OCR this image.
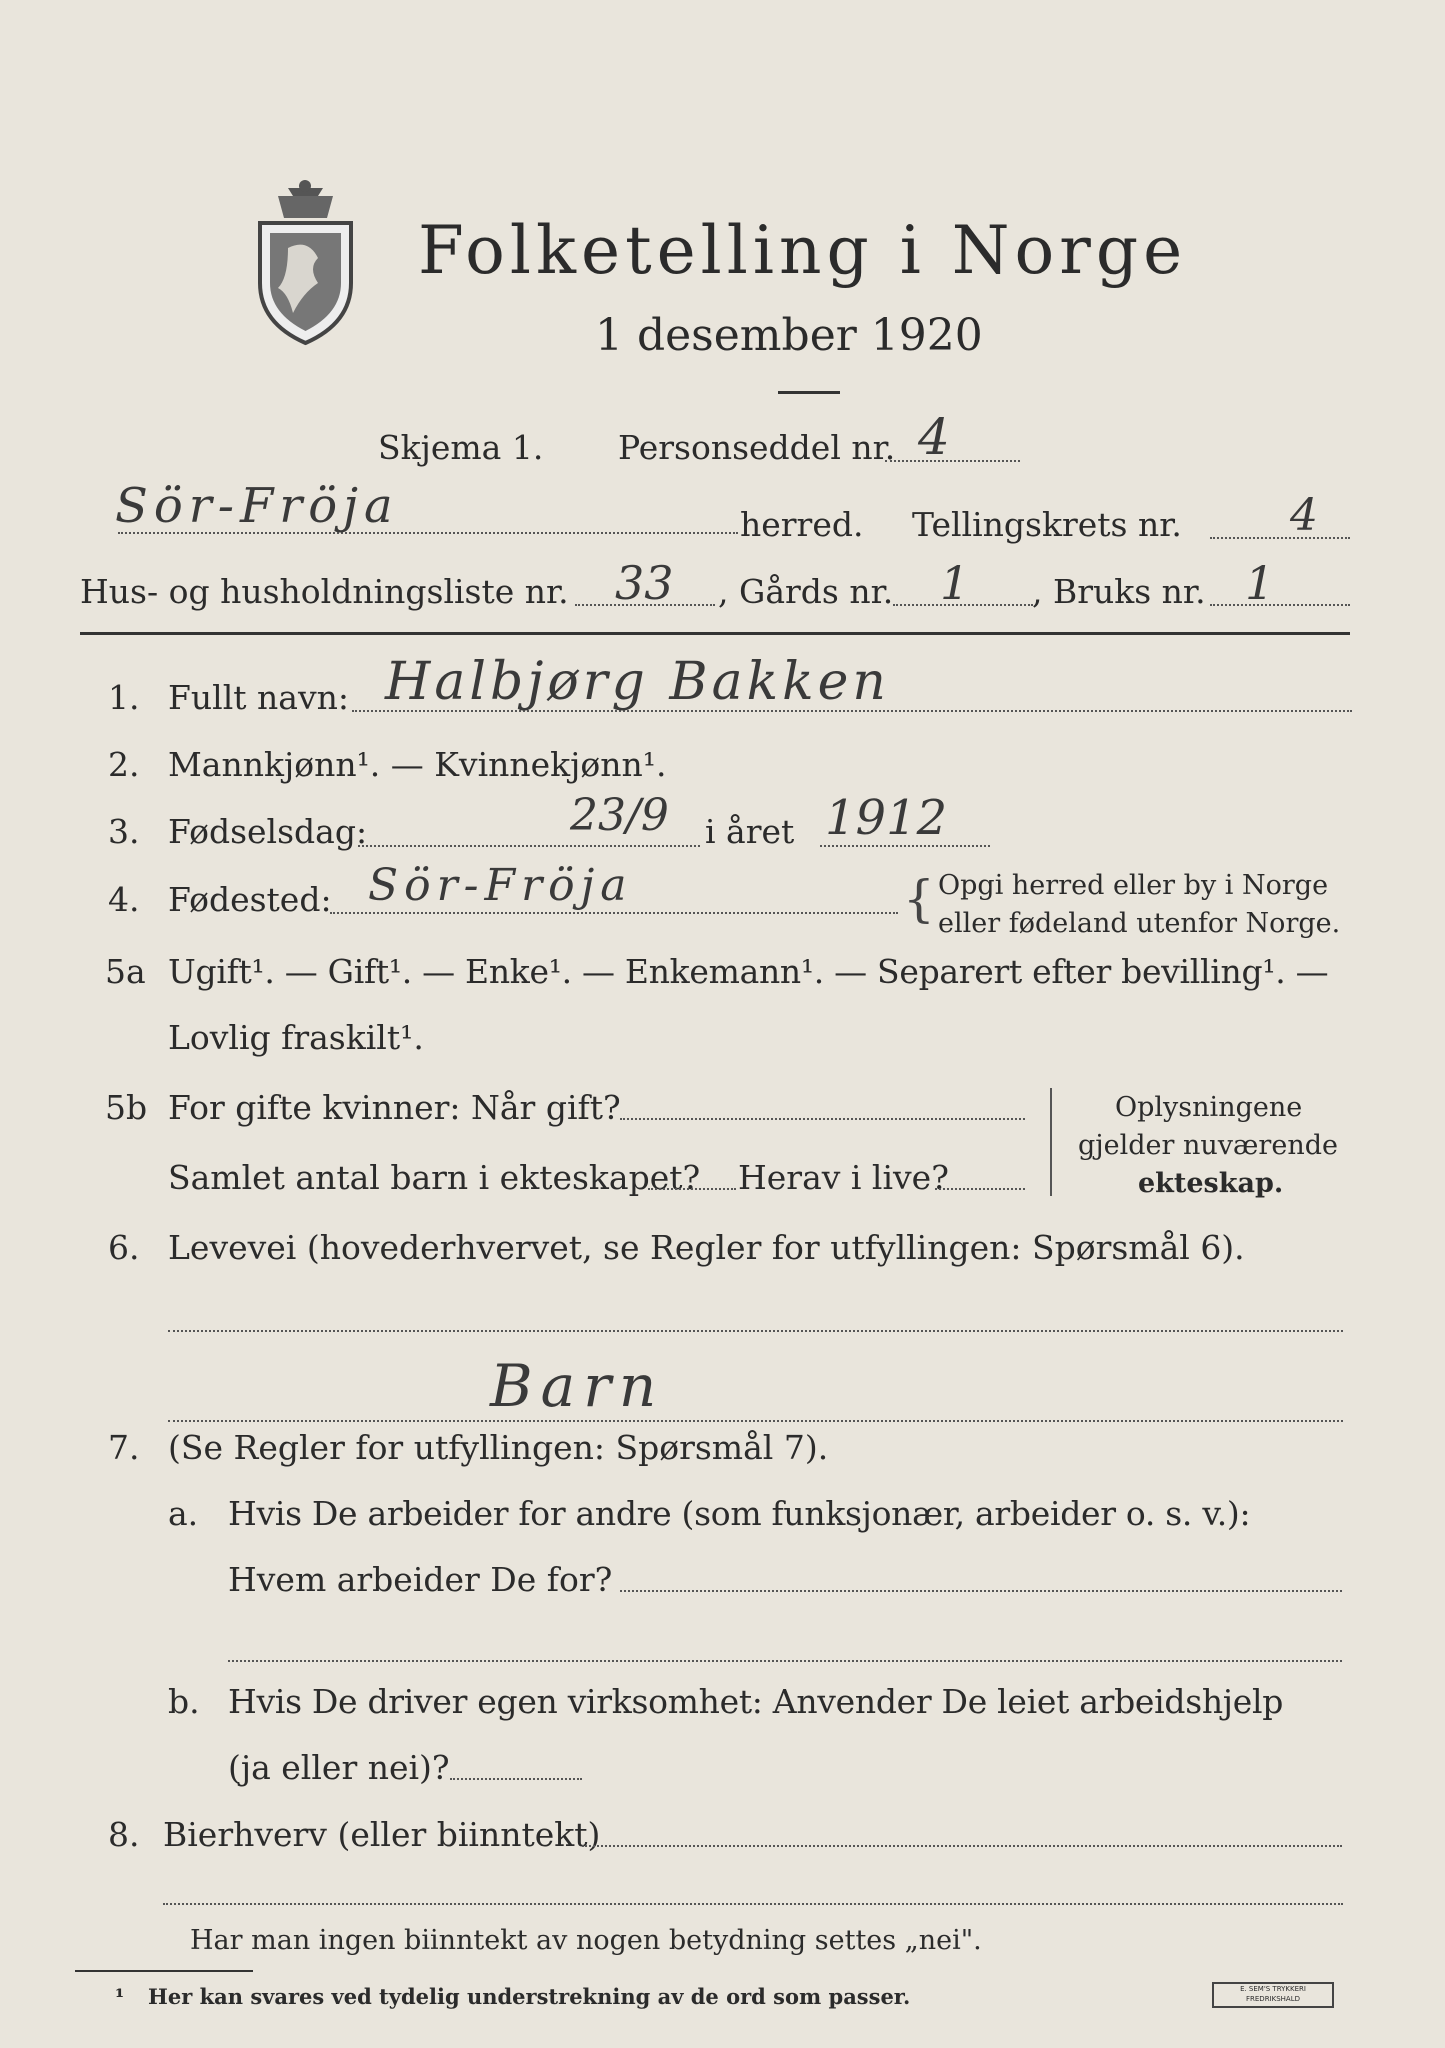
Folketelling i Norge
1 desember 1920
Skjema 1. Personseddel nr. 4
Sör-Fröja	herred. Tellingskrets nr. 4
Hus- og husholdningsliste nr. 33 , Gårds nr. 1 , Bruks nr. 1
1. Fullt navn: Halbjørg Bakken
2. Mannkjønn¹. — Kvinnekjønn¹.
3. Fødselsdag:	23/9 i året 1912
4. Fødested: Sör-Fröja	{ Opgi herred eller by i Norge
eller fødeland utenfor Norge.
5a Ugift¹. — Gift¹. — Enke¹. — Enkemann¹. — Separert efter bevilling¹. —
Lovlig fraskilt¹.
5b For gifte kvinner: Når gift?
Samlet antal barn i ekteskapet? Herav i live?
Oplysningene
gjelder nuværende
ekteskap.
6. Levevei (hovederhvervet, se Regler for utfyllingen: Spørsmål 6).
Barn
7. (Se Regler for utfyllingen: Spørsmål 7).
a. Hvis De arbeider for andre (som funksjonær, arbeider o. s. v.):
Hvem arbeider De for?
b. Hvis De driver egen virksomhet: Anvender De leiet arbeidshjelp
(ja eller nei)?
8. Bierhverv (eller biinntekt)
Har man ingen biinntekt av nogen betydning settes „nei".
¹ Her kan svares ved tydelig understrekning av de ord som passer.	E. SEM'S TRYKKERI FREDRIKSHALD
